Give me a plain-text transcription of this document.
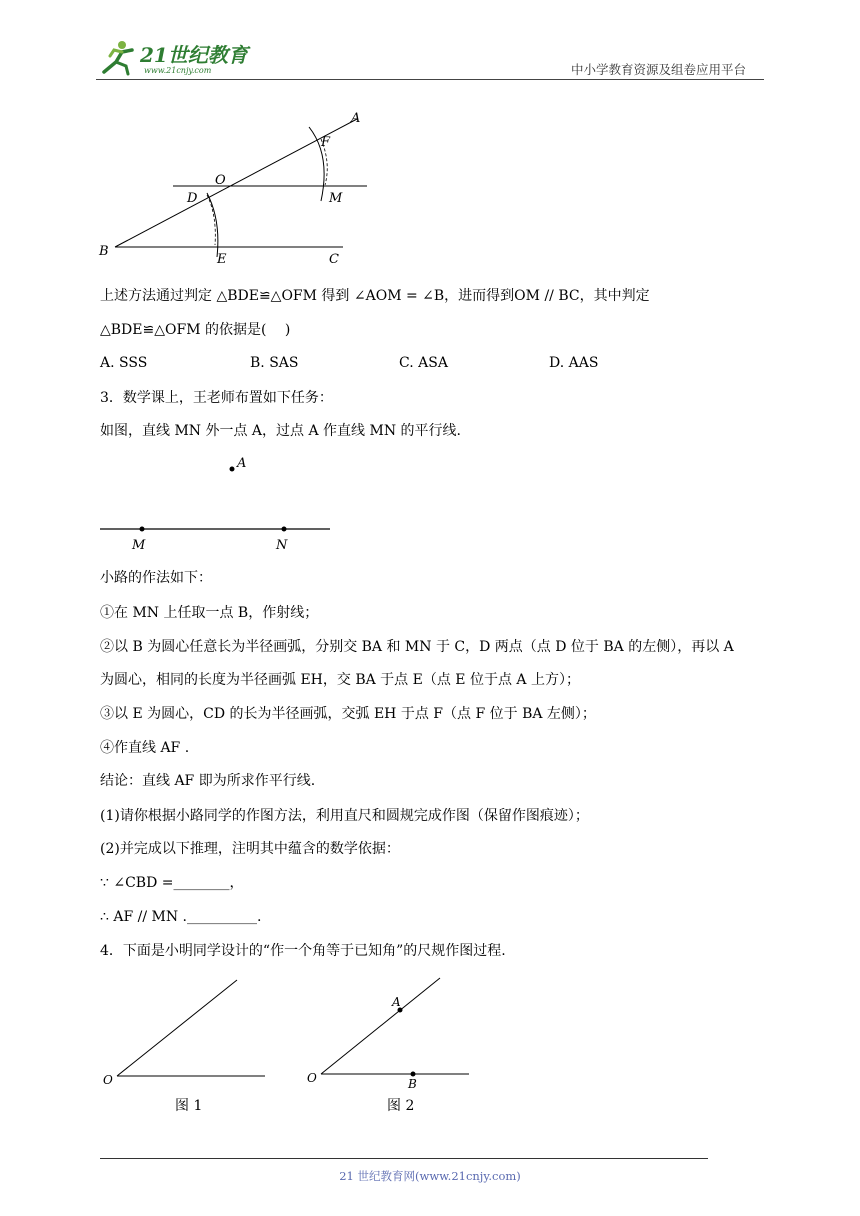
21世纪教育
www.21cnjy.com	中小学教育资源及组卷应用平台
A
F
O
D	M
B
E	C
上述方法通过判定 △BDE≌△OFM 得到 ∠AOM = ∠B，进而得到OM // BC，其中判定
△BDE≌△OFM 的依据是(　 )
A. SSS	B. SAS	C. ASA	D. AAS
3．数学课上，王老师布置如下任务：
如图，直线 MN 外一点 A，过点 A 作直线 MN 的平行线.
A
M	N
小路的作法如下：
①在 MN 上任取一点 B，作射线；
②以 B 为圆心任意长为半径画弧，分别交 BA 和 MN 于 C，D 两点（点 D 位于 BA 的左侧），再以 A
为圆心，相同的长度为半径画弧 EH，交 BA 于点 E（点 E 位于点 A 上方）；
③以 E 为圆心，CD 的长为半径画弧，交弧 EH 于点 F（点 F 位于 BA 左侧）；
④作直线 AF .
结论：直线 AF 即为所求作平行线.
(1)请你根据小路同学的作图方法，利用直尺和圆规完成作图（保留作图痕迹）；
(2)并完成以下推理，注明其中蕴含的数学依据：
∵ ∠CBD =________，
∴ AF // MN .__________.
4．下面是小明同学设计的“作一个角等于已知角”的尺规作图过程.
O
图 1
O
A
B
图 2
21 世纪教育网(www.21cnjy.com)
